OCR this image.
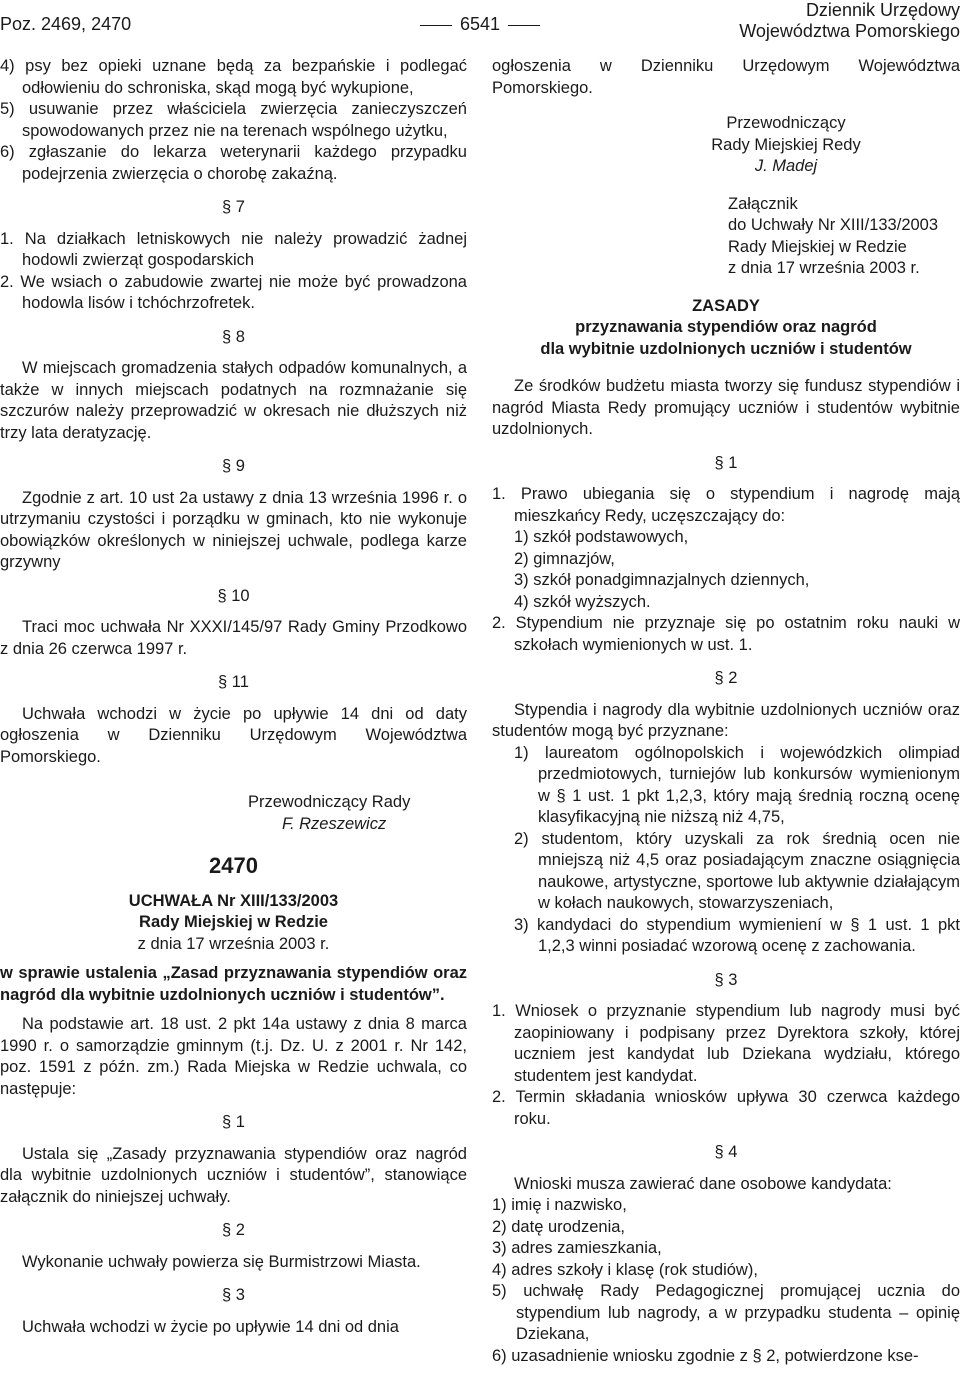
Poz. 2469, 2470	6541
Dziennik Urzędowy
Województwa Pomorskiego

4) psy bez opieki uznane będą za bezpańskie i podlegać odłowieniu do schroniska, skąd mogą być wykupione,

5) usuwanie przez właściciela zwierzęcia zanieczyszczeń spowodowanych przez nie na terenach wspólnego użytku,

6) zgłaszanie do lekarza weterynarii każdego przypadku podejrzenia zwierzęcia o chorobę zakaźną.

§ 7

1. Na działkach letniskowych nie należy prowadzić żadnej hodowli zwierząt gospodarskich

2. We wsiach o zabudowie zwartej nie może być prowadzona hodowla lisów i tchóchrzofretek.

§ 8

W miejscach gromadzenia stałych odpadów komunalnych, a także w innych miejscach podatnych na rozmnażanie się szczurów należy przeprowadzić w okresach nie dłuższych niż trzy lata deratyzację.

§ 9

Zgodnie z art. 10 ust 2a ustawy z dnia 13 września 1996 r. o utrzymaniu czystości i porządku w gminach, kto nie wykonuje obowiązków określonych w niniejszej uchwale, podlega karze grzywny

§ 10

Traci moc uchwała Nr XXXI/145/97 Rady Gminy Przodkowo z dnia 26 czerwca 1997 r.

§ 11

Uchwała wchodzi w życie po upływie 14 dni od daty ogłoszenia w Dzienniku Urzędowym Województwa Pomorskiego.

Przewodniczący Rady
F. Rzeszewicz
2470
UCHWAŁA Nr XIII/133/2003
Rady Miejskiej w Redzie
z dnia 17 września 2003 r.

w sprawie ustalenia „Zasad przyznawania stypendiów oraz nagród dla wybitnie uzdolnionych uczniów i studentów”.

Na podstawie art. 18 ust. 2 pkt 14a ustawy z dnia 8 marca 1990 r. o samorządzie gminnym (t.j. Dz. U. z 2001 r. Nr 142, poz. 1591 z późn. zm.) Rada Miejska w Redzie uchwala, co następuje:

§ 1

Ustala się „Zasady przyznawania stypendiów oraz nagród dla wybitnie uzdolnionych uczniów i studentów”, stanowiące załącznik do niniejszej uchwały.

§ 2

Wykonanie uchwały powierza się Burmistrzowi Miasta.

§ 3

Uchwała wchodzi w życie po upływie 14 dni od dnia

ogłoszenia w Dzienniku Urzędowym Województwa Pomorskiego.

Przewodniczący
Rady Miejskiej Redy
J. Madej
Załącznik
do Uchwały Nr XIII/133/2003
Rady Miejskiej w Redzie
z dnia 17 września 2003 r.
ZASADY
przyznawania stypendiów oraz nagród
dla wybitnie uzdolnionych uczniów i studentów

Ze środków budżetu miasta tworzy się fundusz stypendiów i nagród Miasta Redy promujący uczniów i studentów wybitnie uzdolnionych.

§ 1

1. Prawo ubiegania się o stypendium i nagrodę mają mieszkańcy Redy, uczęszczający do:

1) szkół podstawowych,

2) gimnazjów,

3) szkół ponadgimnazjalnych dziennych,

4) szkół wyższych.

2. Stypendium nie przyznaje się po ostatnim roku nauki w szkołach wymienionych w ust. 1.

§ 2

Stypendia i nagrody dla wybitnie uzdolnionych uczniów oraz studentów mogą być przyznane:

1) laureatom ogólnopolskich i wojewódzkich olimpiad przedmiotowych, turniejów lub konkursów wymienionym w § 1 ust. 1 pkt 1,2,3, który mają średnią roczną ocenę klasyfikacyjną nie niższą niż 4,75,

2) studentom, który uzyskali za rok średnią ocen nie mniejszą niż 4,5 oraz posiadającym znaczne osiągnięcia naukowe, artystyczne, sportowe lub aktywnie działającym w kołach naukowych, stowarzyszeniach,

3) kandydaci do stypendium wymieniení w § 1 ust. 1 pkt 1,2,3 winni posiadać wzorową ocenę z zachowania.

§ 3

1. Wniosek o przyznanie stypendium lub nagrody musi być zaopiniowany i podpisany przez Dyrektora szkoły, której uczniem jest kandydat lub Dziekana wydziału, którego studentem jest kandydat.

2. Termin składania wniosków upływa 30 czerwca każdego roku.

§ 4

Wnioski musza zawierać dane osobowe kandydata:

1) imię i nazwisko,

2) datę urodzenia,

3) adres zamieszkania,

4) adres szkoły i klasę (rok studiów),

5) uchwałę Rady Pedagogicznej promującej ucznia do stypendium lub nagrody, a w przypadku studenta – opinię Dziekana,

6) uzasadnienie wniosku zgodnie z § 2, potwierdzone kse-
